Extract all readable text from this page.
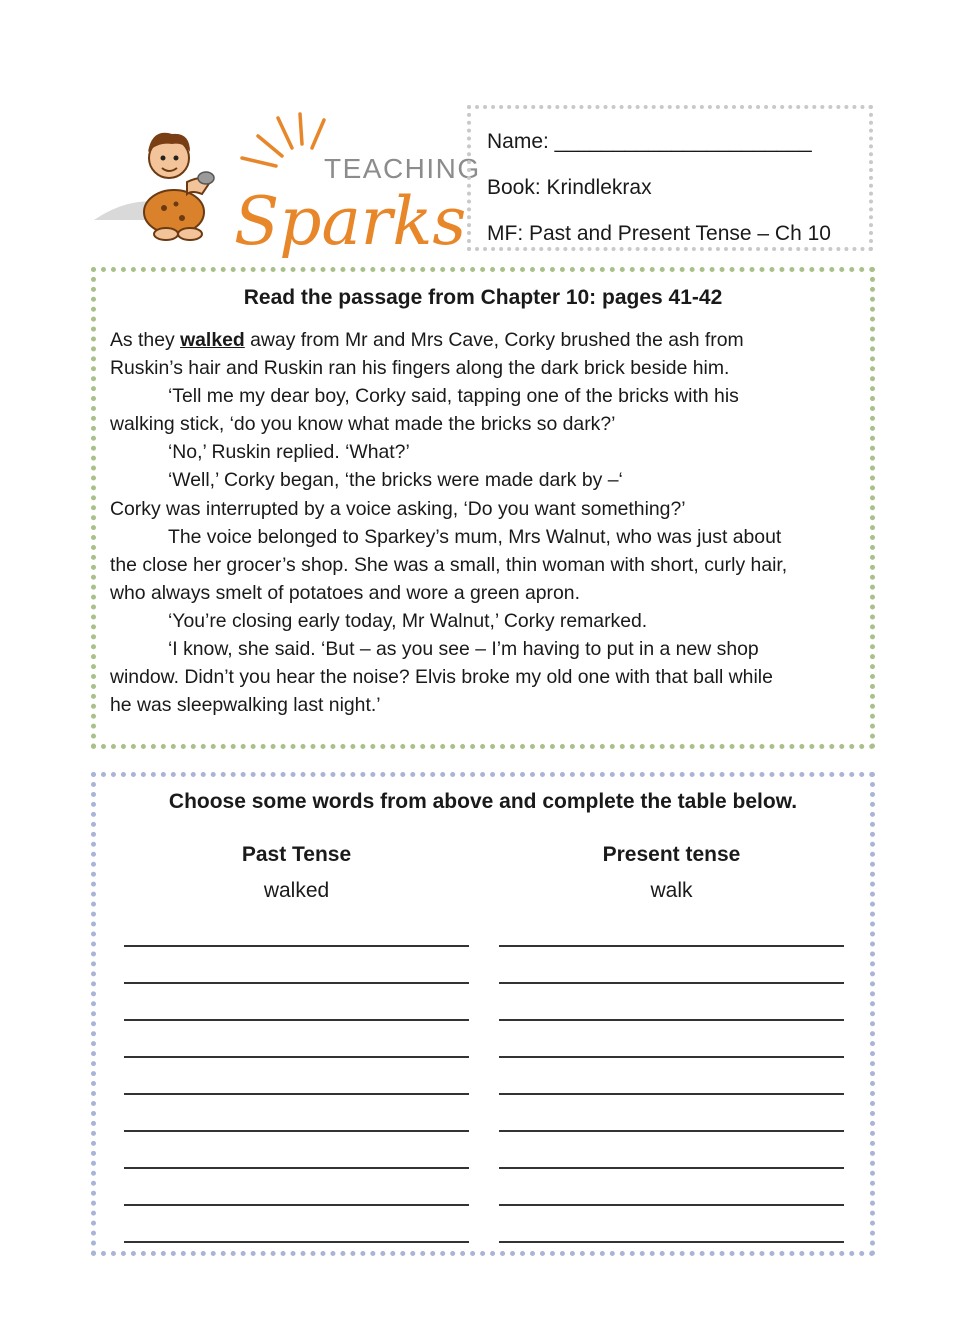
TEACHING
Sparks
Name: ______________________
Book: Krindlekrax
MF: Past and Present Tense – Ch 10
Read the passage from Chapter 10: pages 41-42

As they walked away from Mr and Mrs Cave, Corky brushed the ash from

Ruskin’s hair and Ruskin ran his fingers along the dark brick beside him.

‘Tell me my dear boy, Corky said, tapping one of the bricks with his

walking stick, ‘do you know what made the bricks so dark?’

‘No,’ Ruskin replied. ‘What?’

‘Well,’ Corky began, ‘the bricks were made dark by –‘

Corky was interrupted by a voice asking, ‘Do you want something?’

The voice belonged to Sparkey’s mum, Mrs Walnut, who was just about

the close her grocer’s shop. She was a small, thin woman with short, curly hair,

who always smelt of potatoes and wore a green apron.

‘You’re closing early today, Mr Walnut,’ Corky remarked.

‘I know, she said. ‘But – as you see – I’m having to put in a new shop

window. Didn’t you hear the noise? Elvis broke my old one with that ball while

he was sleepwalking last night.’

Choose some words from above and complete the table below.
Past Tense
walked
Present tense
walk
